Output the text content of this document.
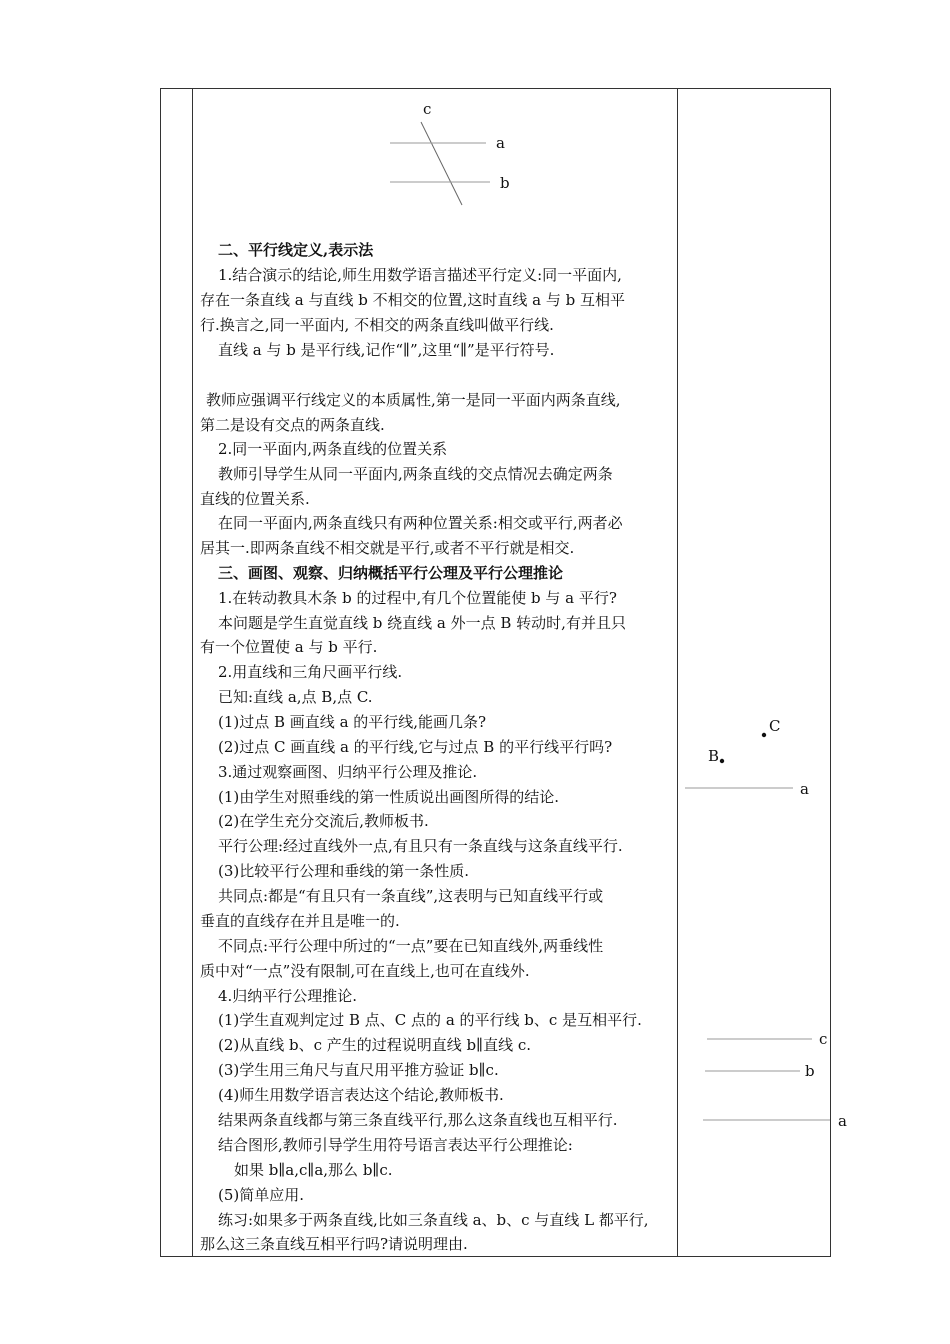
c
a
b
C
B
a
c
b
a
二、平行线定义,表示法
1.结合演示的结论,师生用数学语言描述平行定义:同一平面内,
存在一条直线 a 与直线 b 不相交的位置,这时直线 a 与 b 互相平
行.换言之,同一平面内, 不相交的两条直线叫做平行线.
直线 a 与 b 是平行线,记作“∥”,这里“∥”是平行符号.
教师应强调平行线定义的本质属性,第一是同一平面内两条直线,
第二是设有交点的两条直线.
2.同一平面内,两条直线的位置关系
教师引导学生从同一平面内,两条直线的交点情况去确定两条
直线的位置关系.
在同一平面内,两条直线只有两种位置关系:相交或平行,两者必
居其一.即两条直线不相交就是平行,或者不平行就是相交.
三、画图、观察、归纳概括平行公理及平行公理推论
1.在转动教具木条 b 的过程中,有几个位置能使 b 与 a 平行?
本问题是学生直觉直线 b 绕直线 a 外一点 B 转动时,有并且只
有一个位置使 a 与 b 平行.
2.用直线和三角尺画平行线.
已知:直线 a,点 B,点 C.
(1)过点 B 画直线 a 的平行线,能画几条?
(2)过点 C 画直线 a 的平行线,它与过点 B 的平行线平行吗?
3.通过观察画图、归纳平行公理及推论.
(1)由学生对照垂线的第一性质说出画图所得的结论.
(2)在学生充分交流后,教师板书.
平行公理:经过直线外一点,有且只有一条直线与这条直线平行.
(3)比较平行公理和垂线的第一条性质.
共同点:都是“有且只有一条直线”,这表明与已知直线平行或
垂直的直线存在并且是唯一的.
不同点:平行公理中所过的“一点”要在已知直线外,两垂线性
质中对“一点”没有限制,可在直线上,也可在直线外.
4.归纳平行公理推论.
(1)学生直观判定过 B 点、C 点的 a 的平行线 b、c 是互相平行.
(2)从直线 b、c 产生的过程说明直线 b∥直线 c.
(3)学生用三角尺与直尺用平推方验证 b∥c.
(4)师生用数学语言表达这个结论,教师板书.
结果两条直线都与第三条直线平行,那么这条直线也互相平行.
结合图形,教师引导学生用符号语言表达平行公理推论:
如果 b∥a,c∥a,那么 b∥c.
(5)简单应用.
练习:如果多于两条直线,比如三条直线 a、b、c 与直线 L 都平行,
那么这三条直线互相平行吗?请说明理由.
